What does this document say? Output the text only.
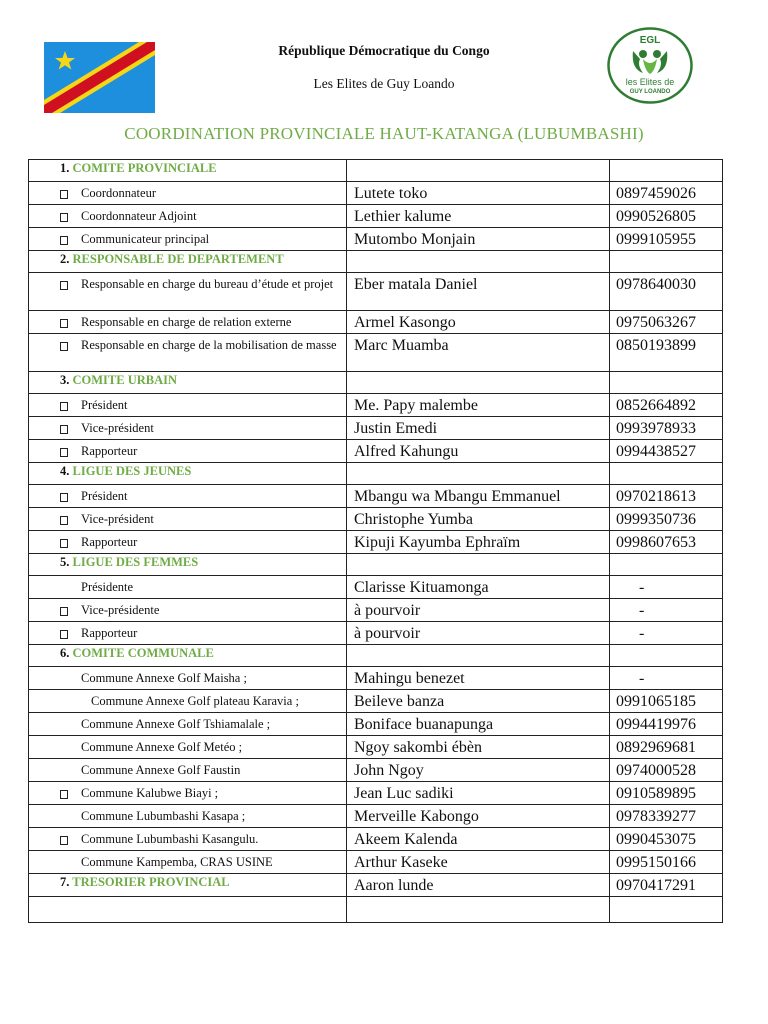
EGL
les Elites de
GUY LOANDO
République Démocratique du Congo
Les Elites de Guy Loando
COORDINATION PROVINCIALE HAUT-KATANGA (LUBUMBASHI)
1. COMITE PROVINCIALE		

Coordonnateur	Lutete toko	0897459026

Coordonnateur Adjoint	Lethier kalume	0990526805

Communicateur principal	Mutombo Monjain	0999105955
2. RESPONSABLE DE DEPARTEMENT		

Responsable en charge du bureau d’étude et projet	Eber matala Daniel	0978640030

Responsable en charge de relation externe	Armel Kasongo	0975063267

Responsable en charge de la mobilisation de masse	Marc Muamba	0850193899
3. COMITE URBAIN		

Président	Me. Papy malembe	0852664892

Vice-président	Justin Emedi	0993978933

Rapporteur	Alfred Kahungu	0994438527
4. LIGUE DES JEUNES		

Président	Mbangu wa Mbangu Emmanuel	0970218613

Vice-président	Christophe Yumba	0999350736

Rapporteur	Kipuji Kayumba Ephraïm	0998607653
5. LIGUE DES FEMMES		

Présidente	Clarisse Kituamonga	-

Vice-présidente	à pourvoir	-

Rapporteur	à pourvoir	-
6. COMITE COMMUNALE		

Commune Annexe Golf Maisha ;	Mahingu benezet	-

Commune Annexe Golf plateau Karavia ;	Beileve banza	0991065185

Commune Annexe Golf Tshiamalale ;	Boniface buanapunga	0994419976

Commune Annexe Golf Metéo ;	Ngoy sakombi ébèn	0892969681

Commune Annexe Golf Faustin	John Ngoy	0974000528

Commune Kalubwe Biayi ;	Jean Luc sadiki	0910589895

Commune Lubumbashi Kasapa ;	Merveille Kabongo	0978339277

Commune Lubumbashi Kasangulu.	Akeem Kalenda	0990453075

Commune Kampemba, CRAS USINE	Arthur Kaseke	0995150166
7. TRESORIER PROVINCIAL	Aaron lunde	0970417291
